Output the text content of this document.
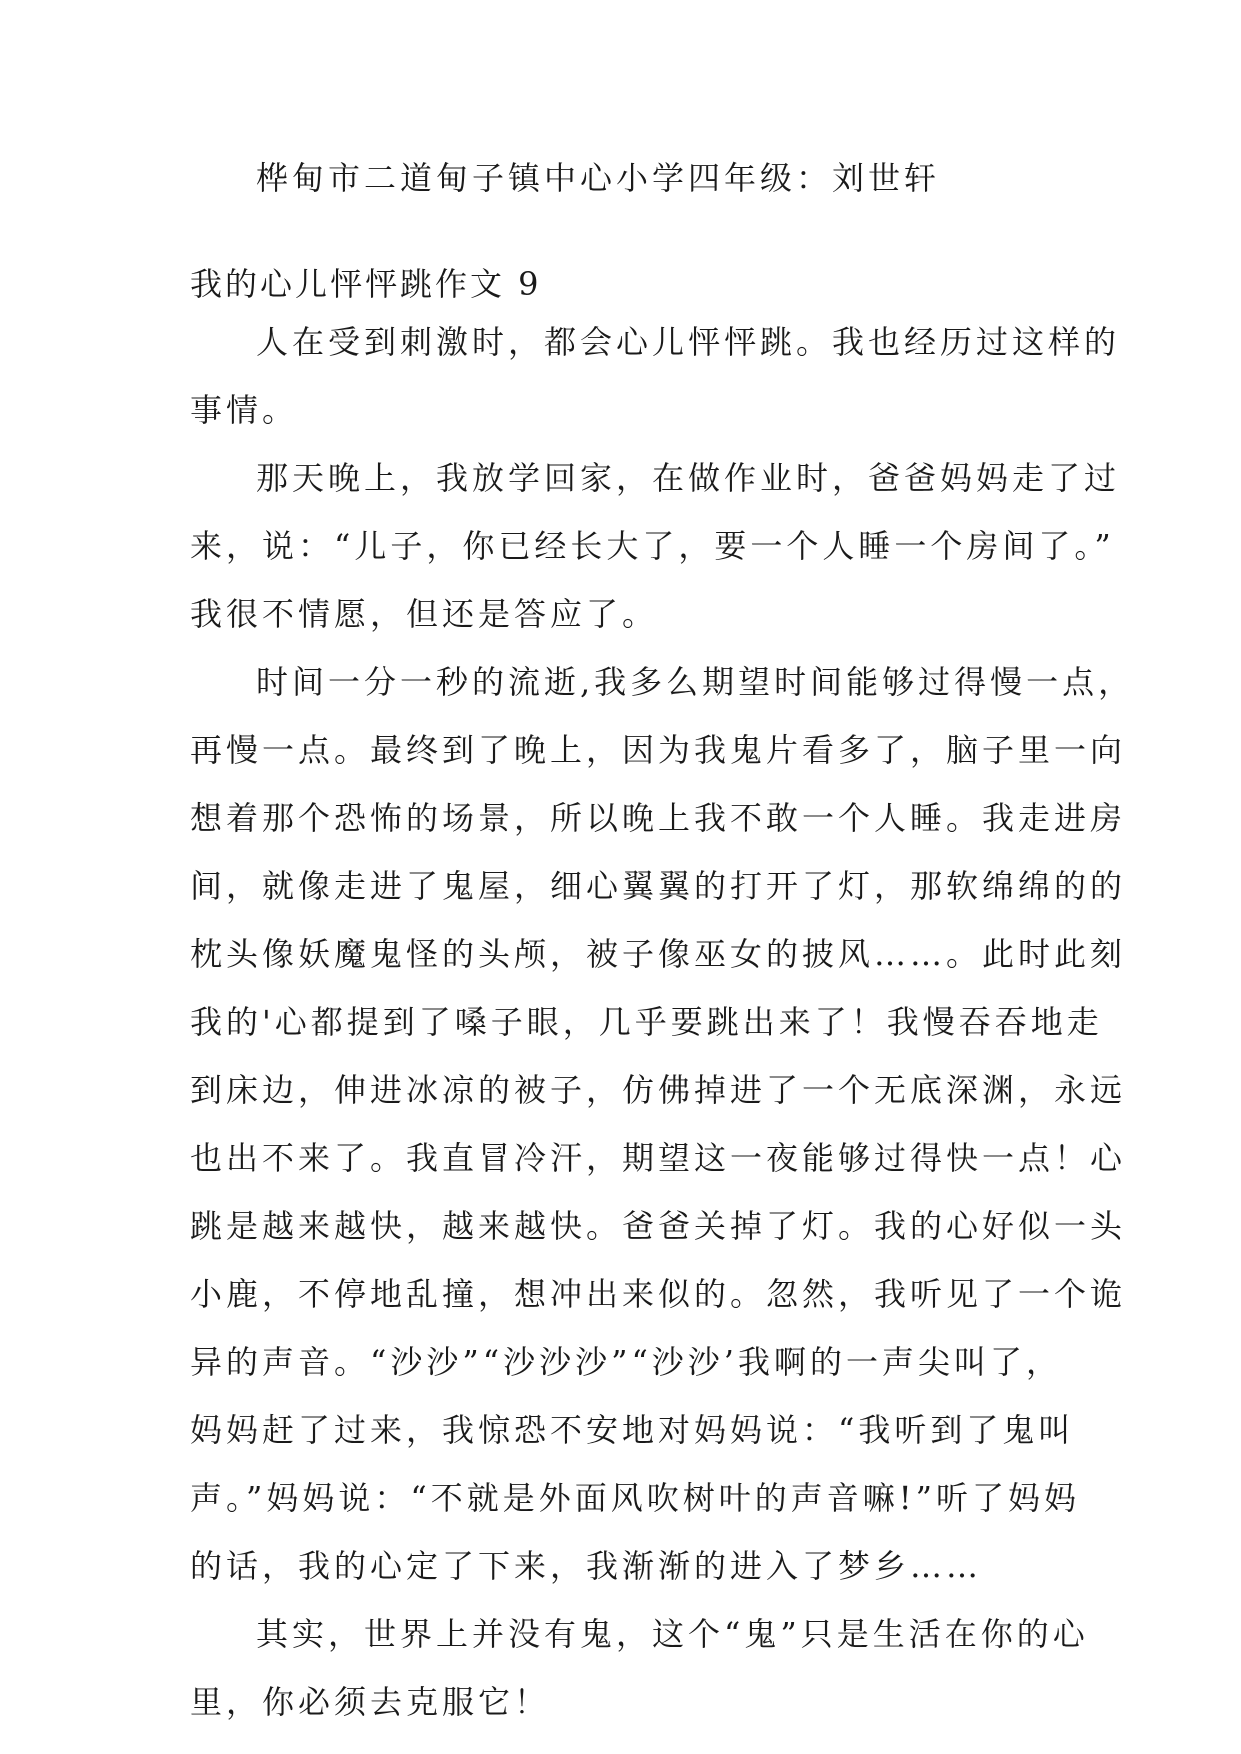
桦甸市二道甸子镇中心小学四年级：刘世轩
我的心儿怦怦跳作文 9
人在受到刺激时，都会心儿怦怦跳。我也经历过这样的
事情。
那天晚上，我放学回家，在做作业时，爸爸妈妈走了过
来，说：“儿子，你已经长大了，要一个人睡一个房间了。”
我很不情愿，但还是答应了。
时间一分一秒的流逝,我多么期望时间能够过得慢一点，
再慢一点。最终到了晚上，因为我鬼片看多了，脑子里一向
想着那个恐怖的场景，所以晚上我不敢一个人睡。我走进房
间，就像走进了鬼屋，细心翼翼的打开了灯，那软绵绵的的
枕头像妖魔鬼怪的头颅，被子像巫女的披风……。此时此刻
我的'心都提到了嗓子眼，几乎要跳出来了！我慢吞吞地走
到床边，伸进冰凉的被子，仿佛掉进了一个无底深渊，永远
也出不来了。我直冒冷汗，期望这一夜能够过得快一点！心
跳是越来越快，越来越快。爸爸关掉了灯。我的心好似一头
小鹿，不停地乱撞，想冲出来似的。忽然，我听见了一个诡
异的声音。“沙沙”“沙沙沙”“沙沙’我啊的一声尖叫了，
妈妈赶了过来，我惊恐不安地对妈妈说：“我听到了鬼叫
声。”妈妈说：“不就是外面风吹树叶的声音嘛!”听了妈妈
的话，我的心定了下来，我渐渐的进入了梦乡……
其实，世界上并没有鬼，这个“鬼”只是生活在你的心
里，你必须去克服它！
